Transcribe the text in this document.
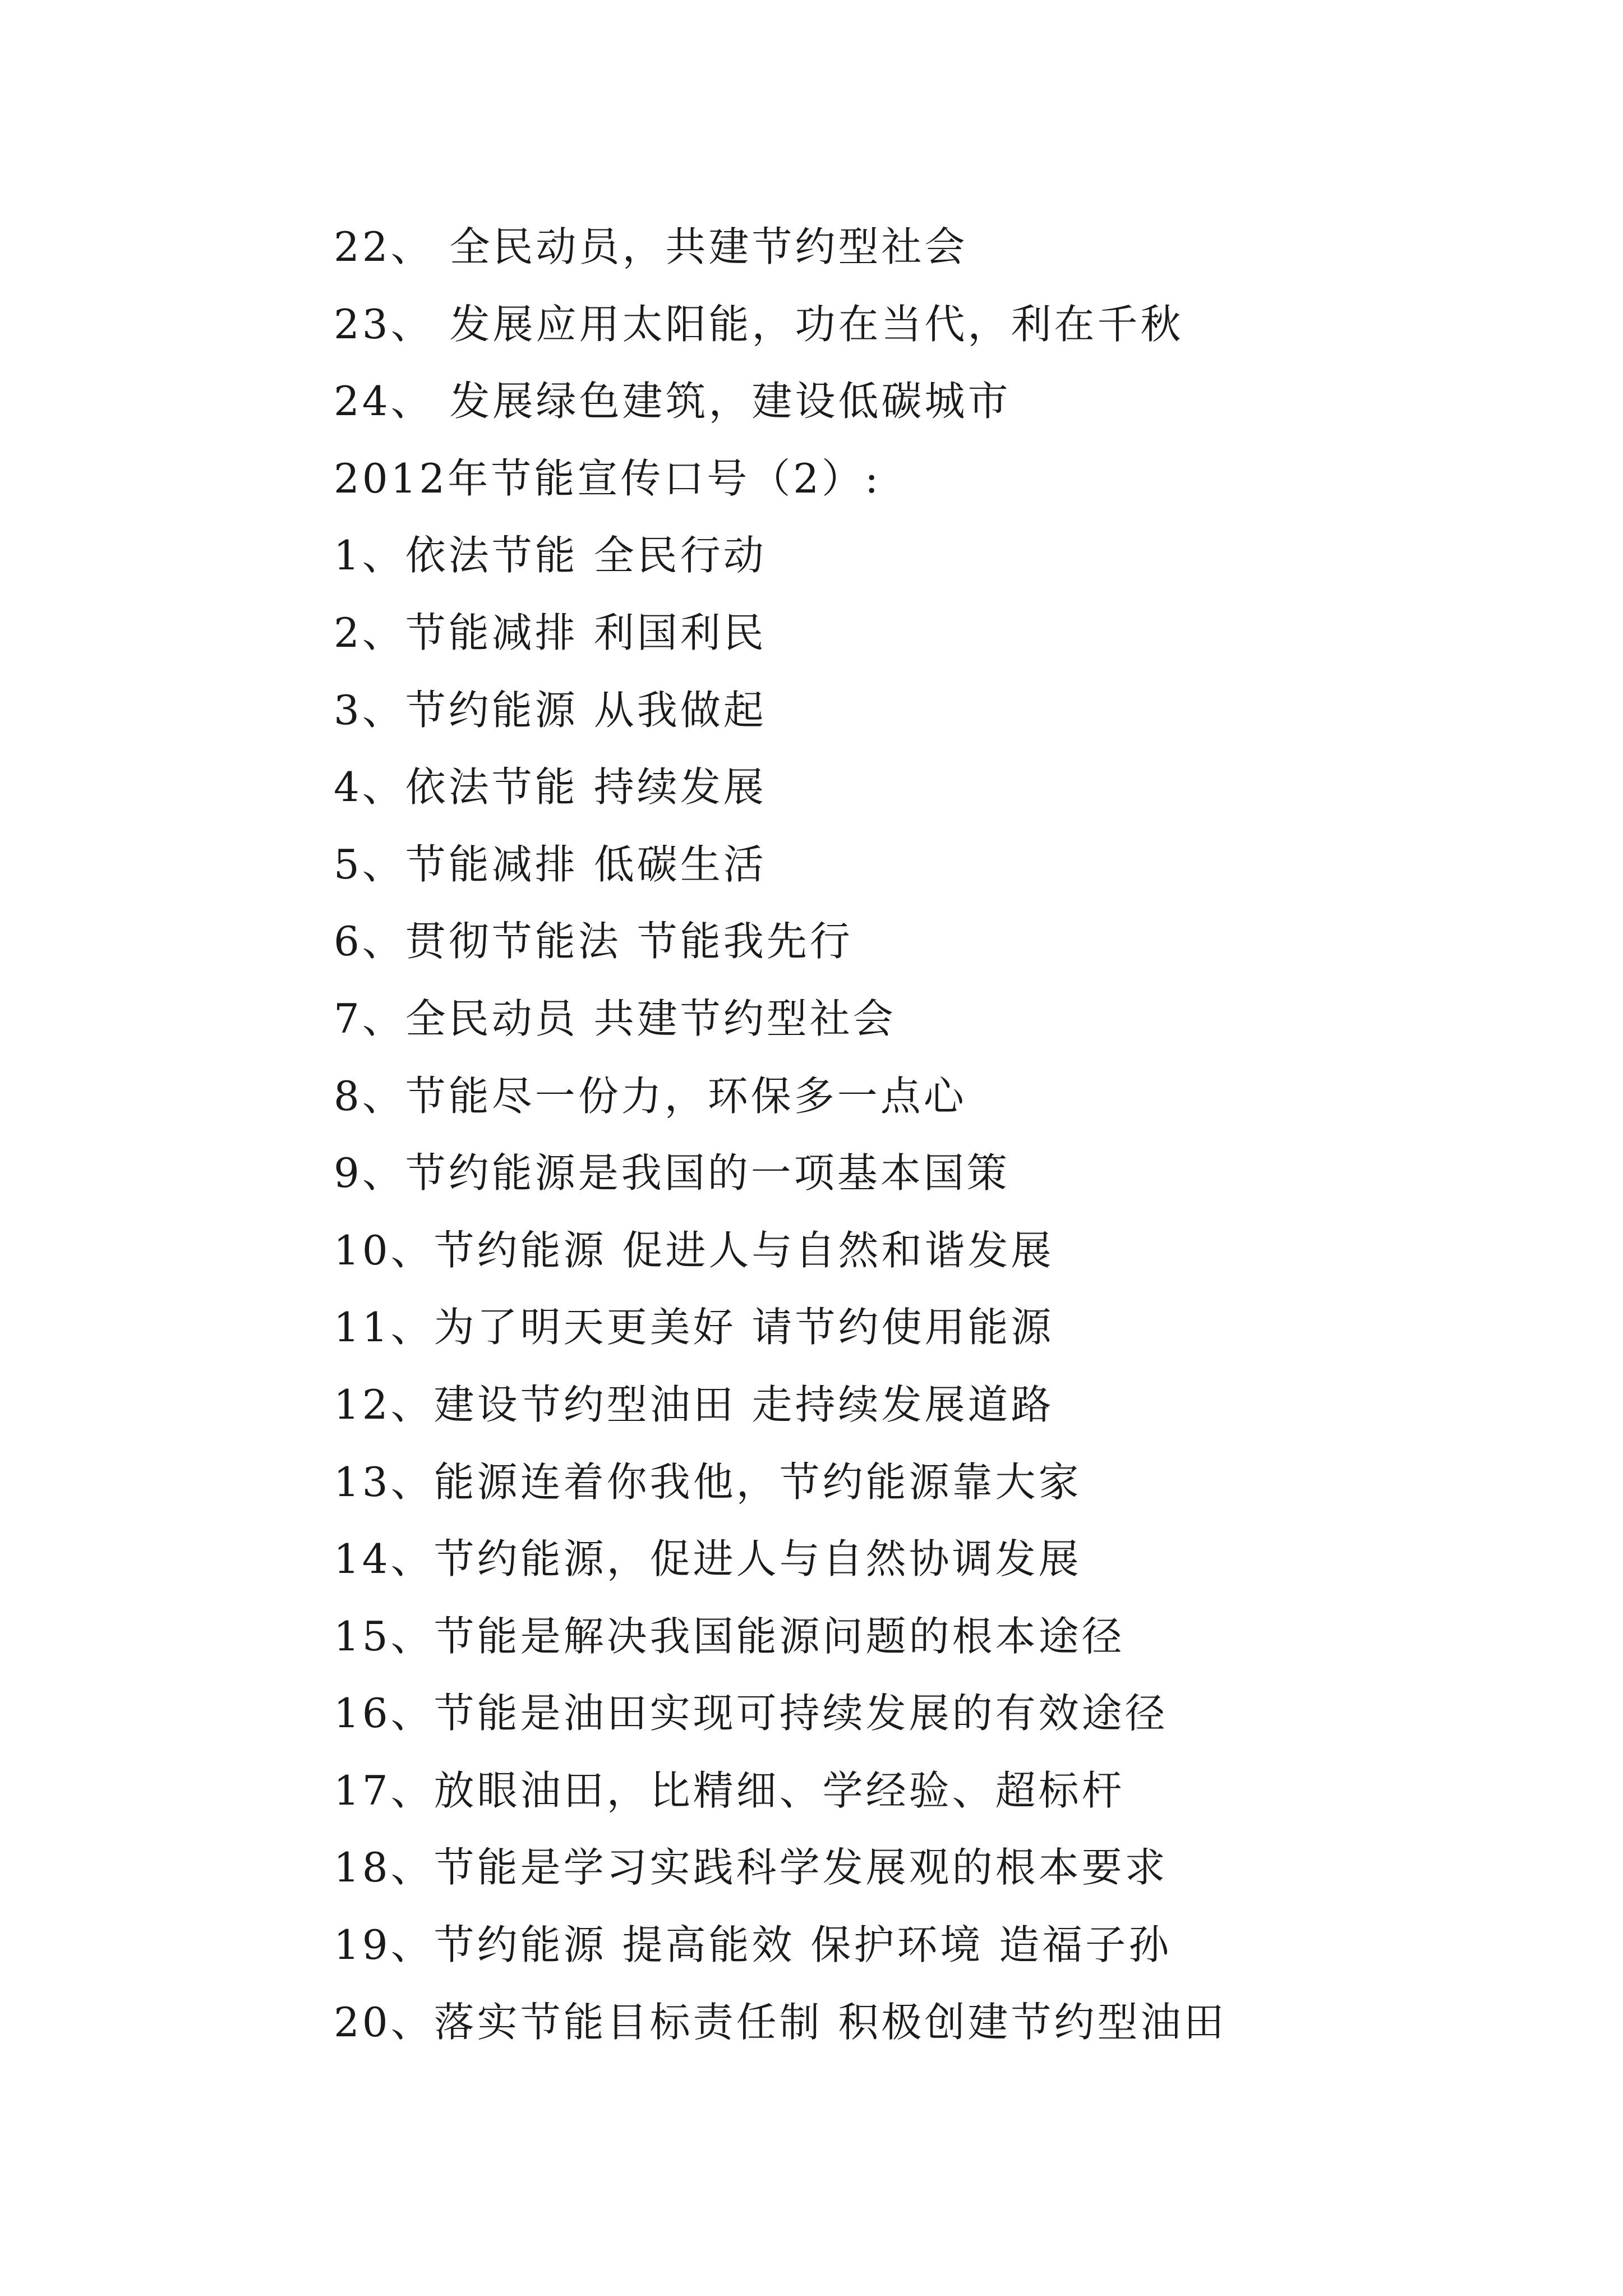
22、 全民动员，共建节约型社会
23、 发展应用太阳能，功在当代，利在千秋
24、 发展绿色建筑，建设低碳城市
2012年节能宣传口号（2）:
1、依法节能 全民行动
2、节能减排 利国利民
3、节约能源 从我做起
4、依法节能 持续发展
5、节能减排 低碳生活
6、贯彻节能法 节能我先行
7、全民动员 共建节约型社会
8、节能尽一份力，环保多一点心
9、节约能源是我国的一项基本国策
10、节约能源 促进人与自然和谐发展
11、为了明天更美好 请节约使用能源
12、建设节约型油田 走持续发展道路
13、能源连着你我他，节约能源靠大家
14、节约能源，促进人与自然协调发展
15、节能是解决我国能源问题的根本途径
16、节能是油田实现可持续发展的有效途径
17、放眼油田，比精细、学经验、超标杆
18、节能是学习实践科学发展观的根本要求
19、节约能源 提高能效 保护环境 造福子孙
20、落实节能目标责任制 积极创建节约型油田
